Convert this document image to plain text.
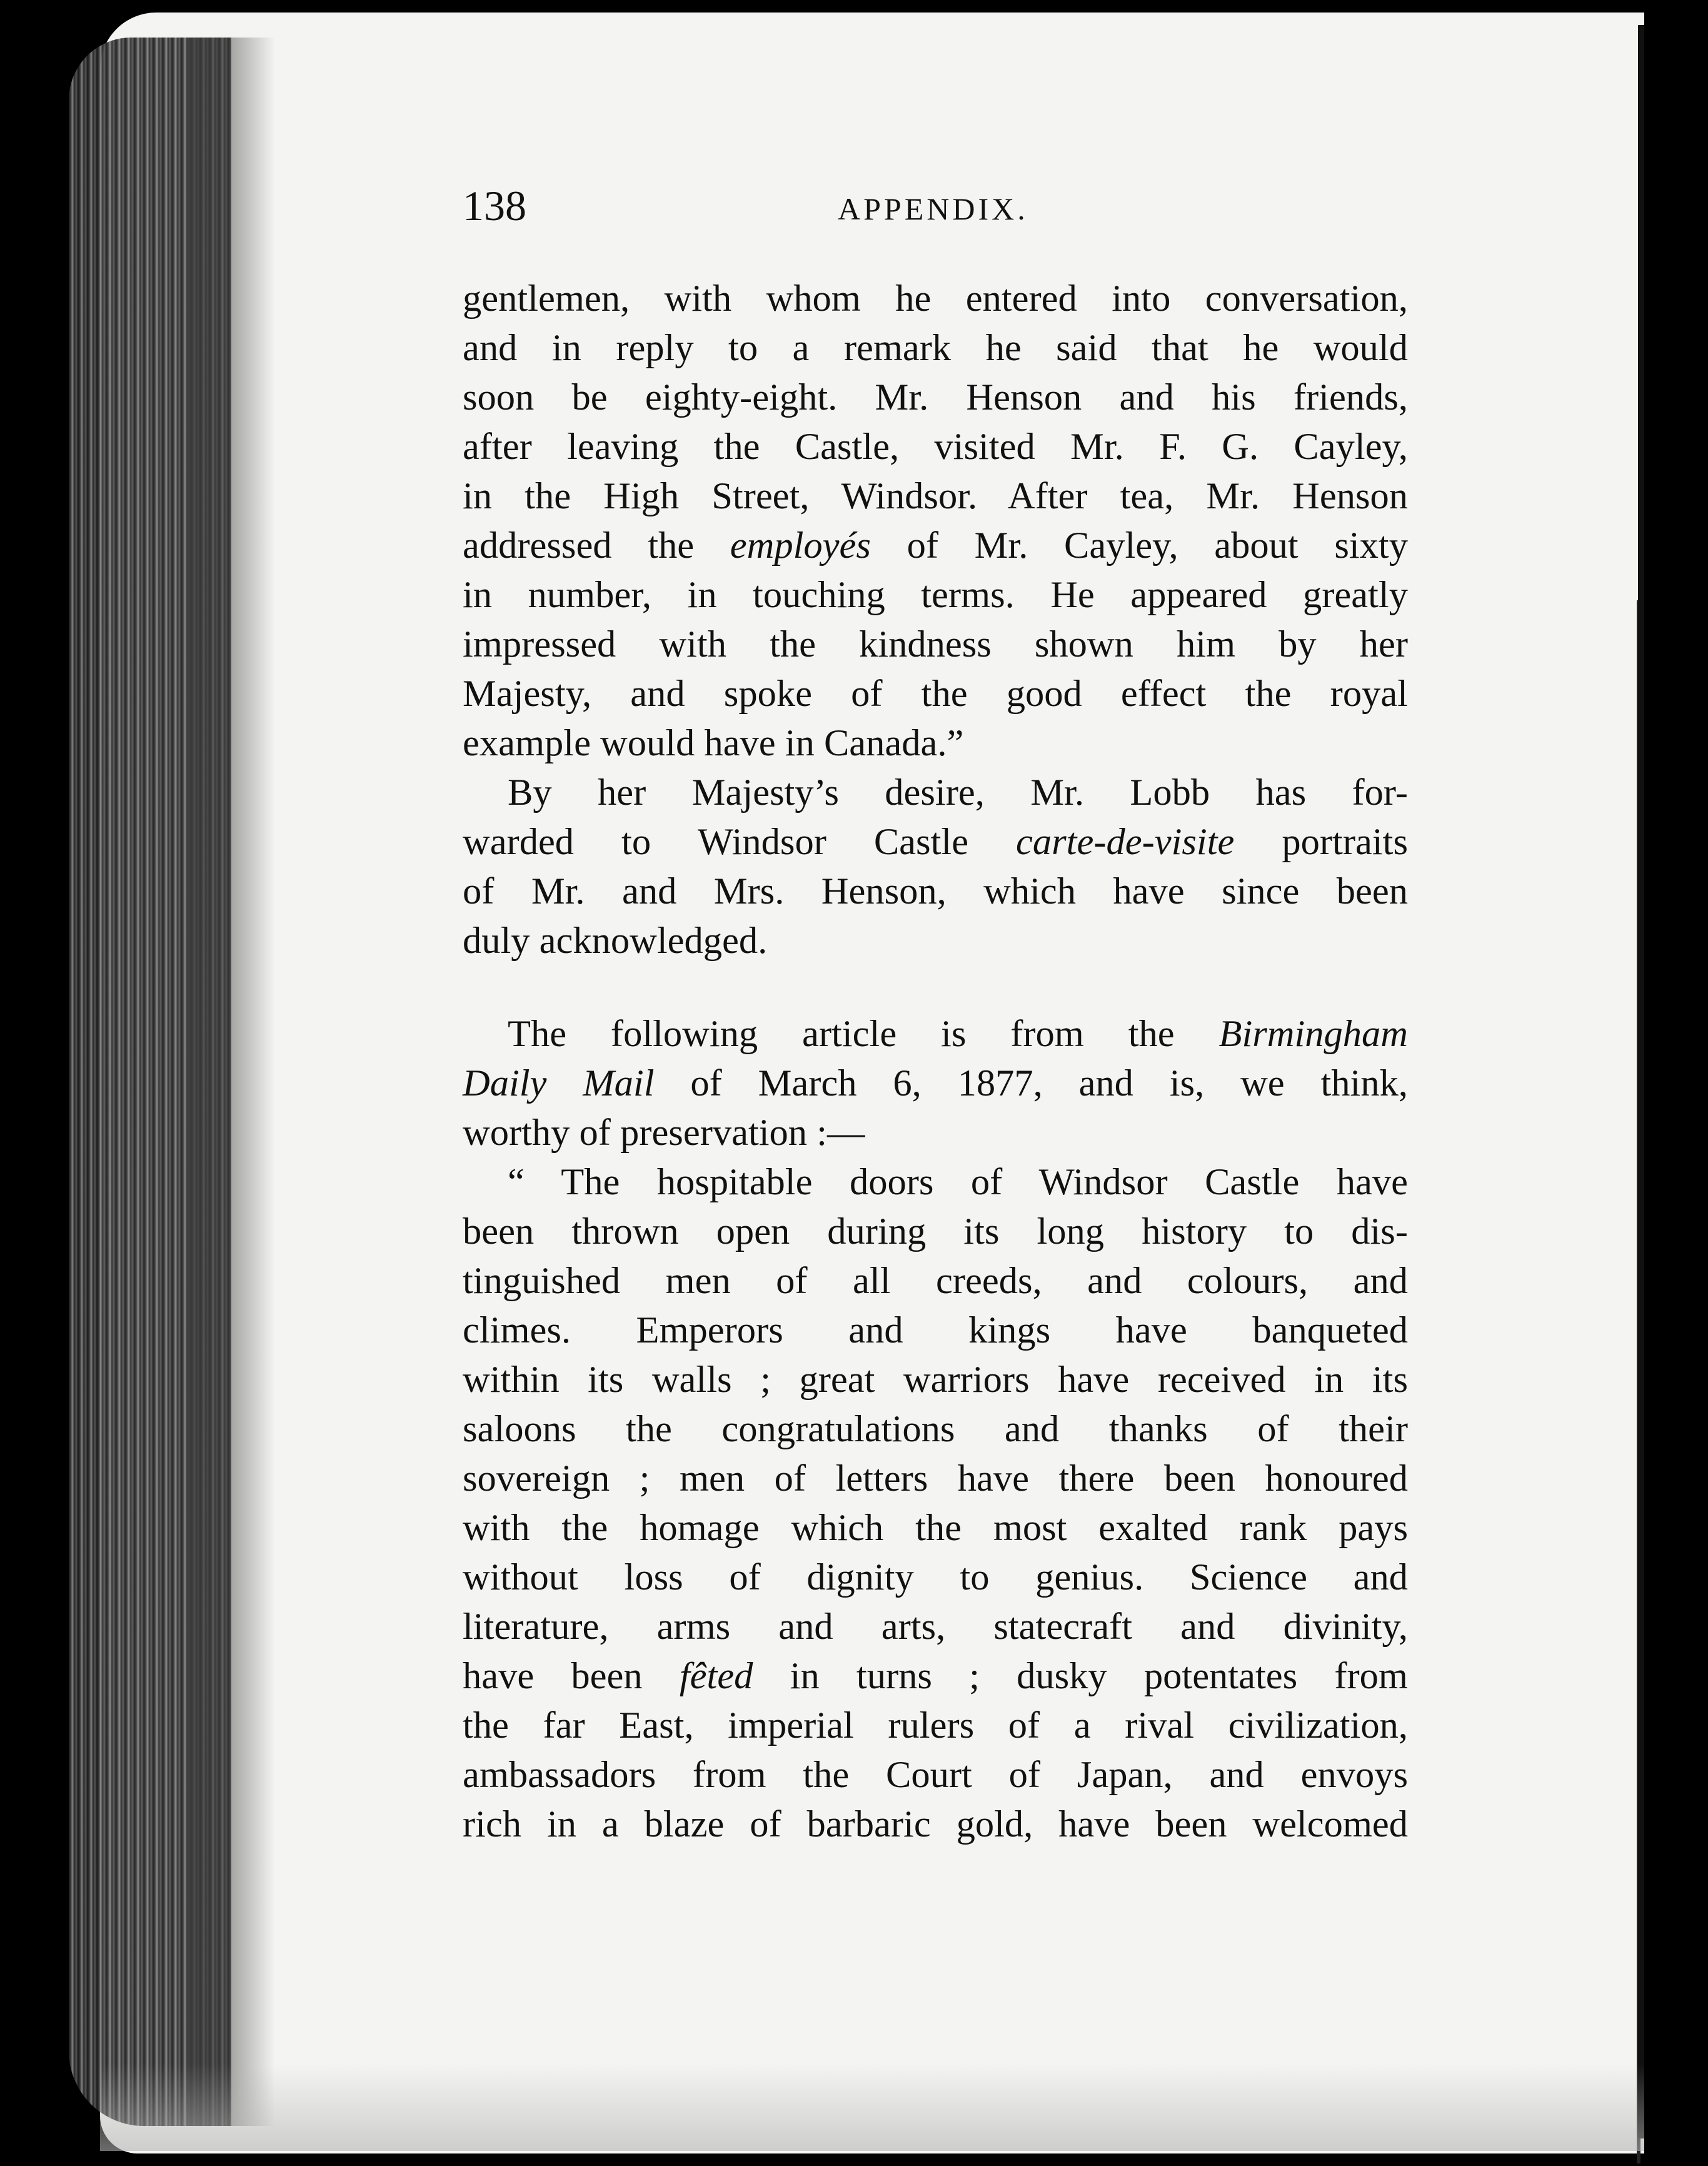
138	APPENDIX.
gentlemen, with whom he entered into conversation,
and in reply to a remark he said that he would
soon be eighty-eight. Mr. Henson and his friends,
after leaving the Castle, visited Mr. F. G. Cayley,
in the High Street, Windsor. After tea, Mr. Henson
addressed the employés of Mr. Cayley, about sixty
in number, in touching terms. He appeared greatly
impressed with the kindness shown him by her
Majesty, and spoke of the good effect the royal
example would have in Canada.”
By her Majesty’s desire, Mr. Lobb has for-
warded to Windsor Castle carte-de-visite portraits
of Mr. and Mrs. Henson, which have since been
duly acknowledged.
The following article is from the Birmingham
Daily Mail of March 6, 1877, and is, we think,
worthy of preservation :—
“ The hospitable doors of Windsor Castle have
been thrown open during its long history to dis-
tinguished men of all creeds, and colours, and
climes. Emperors and kings have banqueted
within its walls ; great warriors have received in its
saloons the congratulations and thanks of their
sovereign ; men of letters have there been honoured
with the homage which the most exalted rank pays
without loss of dignity to genius. Science and
literature, arms and arts, statecraft and divinity,
have been fêted in turns ; dusky potentates from
the far East, imperial rulers of a rival civilization,
ambassadors from the Court of Japan, and envoys
rich in a blaze of barbaric gold, have been welcomed
